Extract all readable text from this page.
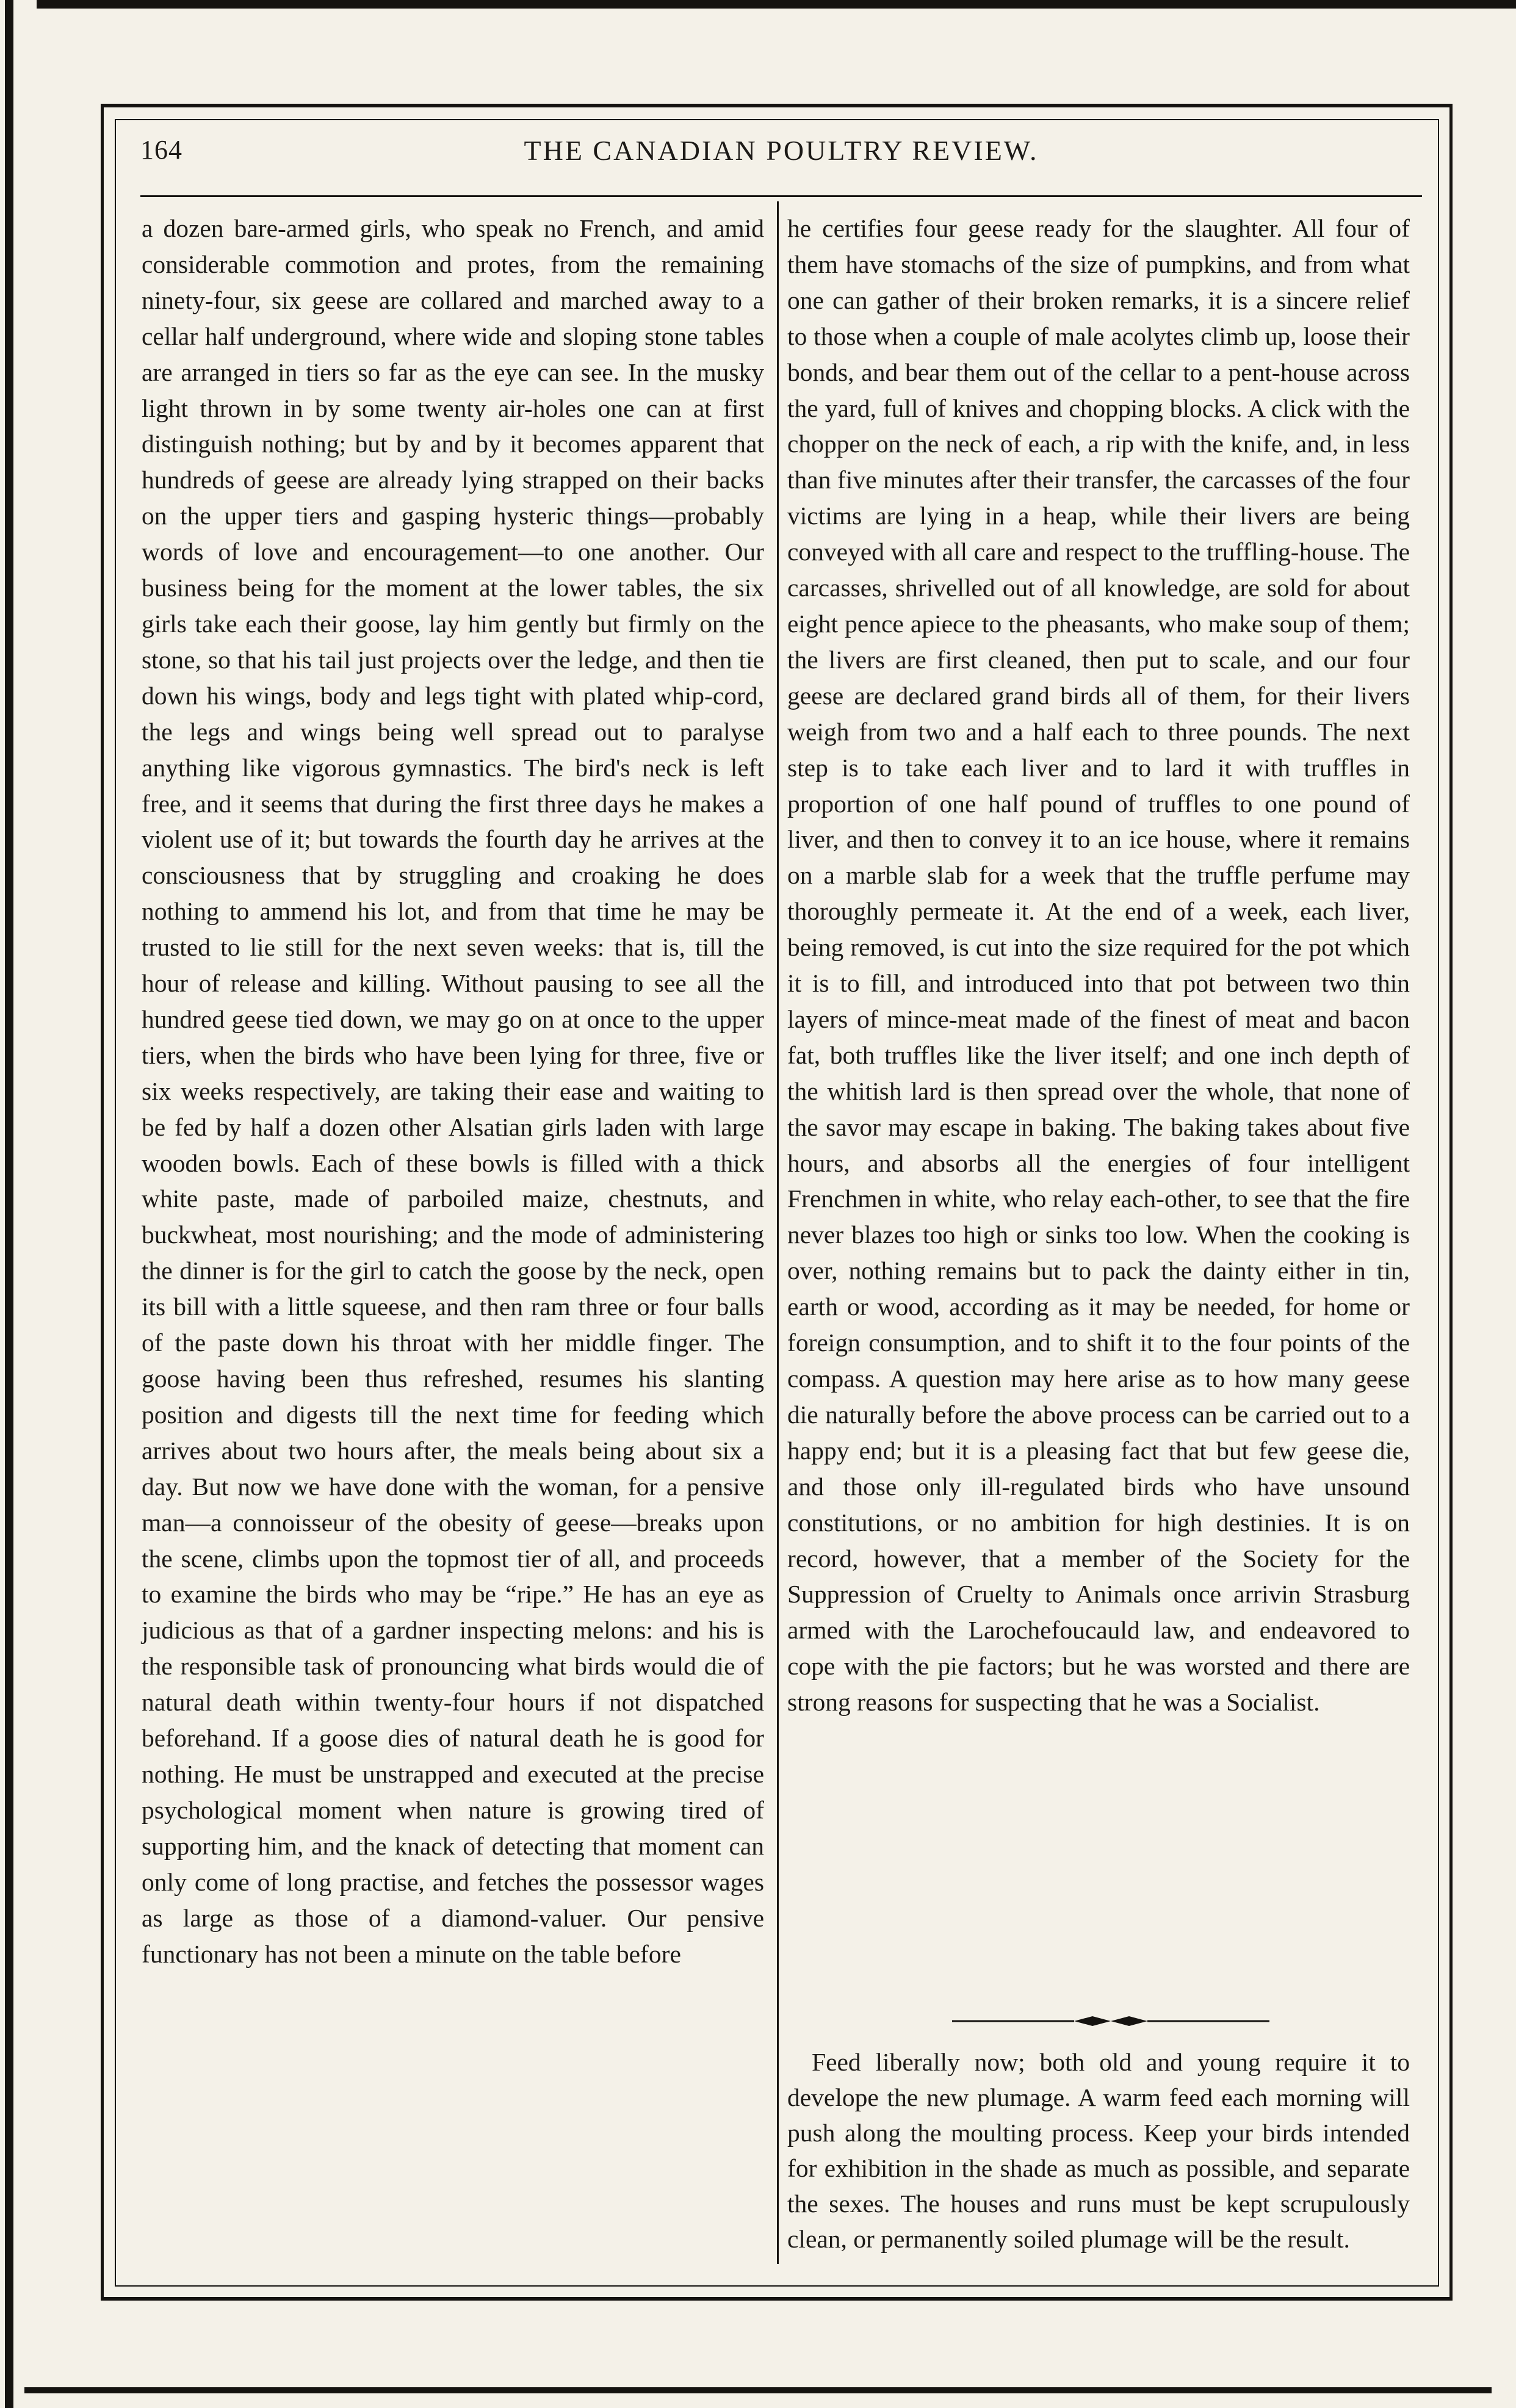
164	THE CANADIAN POULTRY REVIEW.

a dozen bare-armed girls, who speak no French, and amid considerable commotion and protes, from the remaining ninety-four, six geese are collared and marched away to a cellar half underground, where wide and sloping stone tables are arranged in tiers so far as the eye can see. In the musky light thrown in by some twenty air-holes one can at first distinguish nothing; but by and by it becomes apparent that hundreds of geese are already lying strapped on their backs on the upper tiers and gasping hysteric things—probably words of love and encouragement—to one another. Our business being for the moment at the lower tables, the six girls take each their goose, lay him gently but firmly on the stone, so that his tail just projects over the ledge, and then tie down his wings, body and legs tight with plated whip-cord, the legs and wings being well spread out to paralyse anything like vigorous gymnastics. The bird's neck is left free, and it seems that during the first three days he makes a violent use of it; but towards the fourth day he arrives at the consciousness that by struggling and croaking he does nothing to ammend his lot, and from that time he may be trusted to lie still for the next seven weeks: that is, till the hour of release and killing. Without pausing to see all the hundred geese tied down, we may go on at once to the upper tiers, when the birds who have been lying for three, five or six weeks respectively, are taking their ease and waiting to be fed by half a dozen other Alsatian girls laden with large wooden bowls. Each of these bowls is filled with a thick white paste, made of parboiled maize, chestnuts, and buckwheat, most nourishing; and the mode of administering the dinner is for the girl to catch the goose by the neck, open its bill with a little squeese, and then ram three or four balls of the paste down his throat with her middle finger. The goose having been thus refreshed, resumes his slanting position and digests till the next time for feeding which arrives about two hours after, the meals being about six a day. But now we have done with the woman, for a pensive man—a connoisseur of the obesity of geese—breaks upon the scene, climbs upon the topmost tier of all, and proceeds to examine the birds who may be “ripe.” He has an eye as judicious as that of a gardner inspecting melons: and his is the responsible task of pronouncing what birds would die of natural death within twenty-four hours if not dispatched beforehand. If a goose dies of natural death he is good for nothing. He must be unstrapped and executed at the precise psychological moment when nature is growing tired of supporting him, and the knack of detecting that moment can only come of long practise, and fetches the possessor wages as large as those of a diamond-valuer. Our pensive functionary has not been a minute on the table before

he certifies four geese ready for the slaughter. All four of them have stomachs of the size of pumpkins, and from what one can gather of their broken remarks, it is a sincere relief to those when a couple of male acolytes climb up, loose their bonds, and bear them out of the cellar to a pent-house across the yard, full of knives and chopping blocks. A click with the chopper on the neck of each, a rip with the knife, and, in less than five minutes after their transfer, the carcasses of the four victims are lying in a heap, while their livers are being conveyed with all care and respect to the truffling-house. The carcasses, shrivelled out of all knowledge, are sold for about eight pence apiece to the pheasants, who make soup of them; the livers are first cleaned, then put to scale, and our four geese are declared grand birds all of them, for their livers weigh from two and a half each to three pounds. The next step is to take each liver and to lard it with truffles in proportion of one half pound of truffles to one pound of liver, and then to convey it to an ice house, where it remains on a marble slab for a week that the truffle perfume may thoroughly permeate it. At the end of a week, each liver, being removed, is cut into the size required for the pot which it is to fill, and introduced into that pot between two thin layers of mince-meat made of the finest of meat and bacon fat, both truffles like the liver itself; and one inch depth of the whitish lard is then spread over the whole, that none of the savor may escape in baking. The baking takes about five hours, and absorbs all the energies of four intelligent Frenchmen in white, who relay each-other, to see that the fire never blazes too high or sinks too low. When the cooking is over, nothing remains but to pack the dainty either in tin, earth or wood, according as it may be needed, for home or foreign consumption, and to shift it to the four points of the compass. A question may here arise as to how many geese die naturally before the above process can be carried out to a happy end; but it is a pleasing fact that but few geese die, and those only ill-regulated birds who have unsound constitutions, or no ambition for high destinies. It is on record, however, that a member of the Society for the Suppression of Cruelty to Animals once arrivin Strasburg armed with the Larochefoucauld law, and endeavored to cope with the pie factors; but he was worsted and there are strong reasons for suspecting that he was a Socialist.

Feed liberally now; both old and young require it to develope the new plumage. A warm feed each morning will push along the moulting process. Keep your birds intended for exhibition in the shade as much as possible, and separate the sexes. The houses and runs must be kept scrupulously clean, or permanently soiled plumage will be the result.
